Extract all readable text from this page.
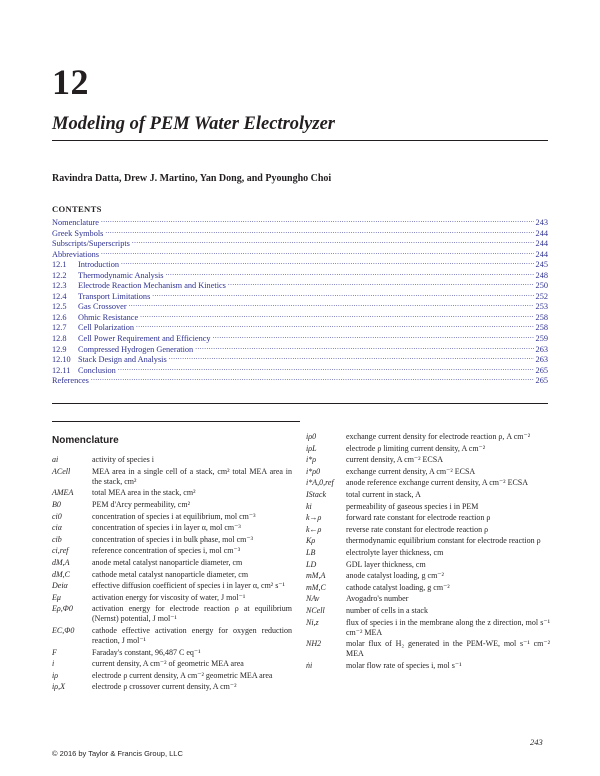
12
Modeling of PEM Water Electrolyzer
Ravindra Datta, Drew J. Martino, Yan Dong, and Pyoungho Choi
CONTENTS
Nomenclature .....	243
Greek Symbols .....	244
Subscripts/Superscripts .....	244
Abbreviations .....	244
12.1	Introduction .....	245
12.2	Thermodynamic Analysis .....	248
12.3	Electrode Reaction Mechanism and Kinetics .....	250
12.4	Transport Limitations .....	252
12.5	Gas Crossover .....	253
12.6	Ohmic Resistance .....	258
12.7	Cell Polarization .....	258
12.8	Cell Power Requirement and Efficiency .....	259
12.9	Compressed Hydrogen Generation .....	263
12.10 Stack Design and Analysis .....	263
12.11 Conclusion .....	265
References .....	265
Nomenclature
ai	activity of species i
ACell	MEA area in a single cell of a stack, cm² total MEA area in the stack, cm²
AMEA	total MEA area in the stack, cm²
B0	PEM d'Arcy permeability, cm²
ci0	concentration of species i at equilibrium, mol cm⁻³
ciα	concentration of species i in layer α, mol cm⁻³
cib	concentration of species i in bulk phase, mol cm⁻³
ci,ref	reference concentration of species i, mol cm⁻³
dM,A	anode metal catalyst nanoparticle diameter, cm
dM,C	cathode metal catalyst nanoparticle diameter, cm
Deiα	effective diffusion coefficient of species i in layer α, cm² s⁻¹
Eμ	activation energy for viscosity of water, J mol⁻¹
Eρ,Φ0	activation energy for electrode reaction ρ at equilibrium (Nernst) potential, J mol⁻¹
EC,Φ0	cathode effective activation energy for oxygen reduction reaction, J mol⁻¹
F	Faraday's constant, 96,487 C eq⁻¹
i	current density, A cm⁻² of geometric MEA area
iρ	electrode ρ current density, A cm⁻² geometric MEA area
iρ,X	electrode ρ crossover current density, A cm⁻²
iρ0	exchange current density for electrode reaction ρ, A cm⁻²
iρL	electrode ρ limiting current density, A cm⁻²
i*ρ	current density, A cm⁻² ECSA
i*ρ0	exchange current density, A cm⁻² ECSA
i*A,0,ref	anode reference exchange current density, A cm⁻² ECSA
IStack	total current in stack, A
ki	permeability of gaseous species i in PEM
k→ρ	forward rate constant for electrode reaction ρ
k←ρ	reverse rate constant for electrode reaction ρ
Kρ	thermodynamic equilibrium constant for electrode reaction ρ
LB	electrolyte layer thickness, cm
LD	GDL layer thickness, cm
mM,A	anode catalyst loading, g cm⁻²
mM,C	cathode catalyst loading, g cm⁻²
NAv	Avogadro's number
NCell	number of cells in a stack
Ni,z	flux of species i in the membrane along the z direction, mol s⁻¹ cm⁻² MEA
NH2	molar flux of H₂ generated in the PEM-WE, mol s⁻¹ cm⁻² MEA
ṅi	molar flow rate of species i, mol s⁻¹
© 2016 by Taylor & Francis Group, LLC
243
